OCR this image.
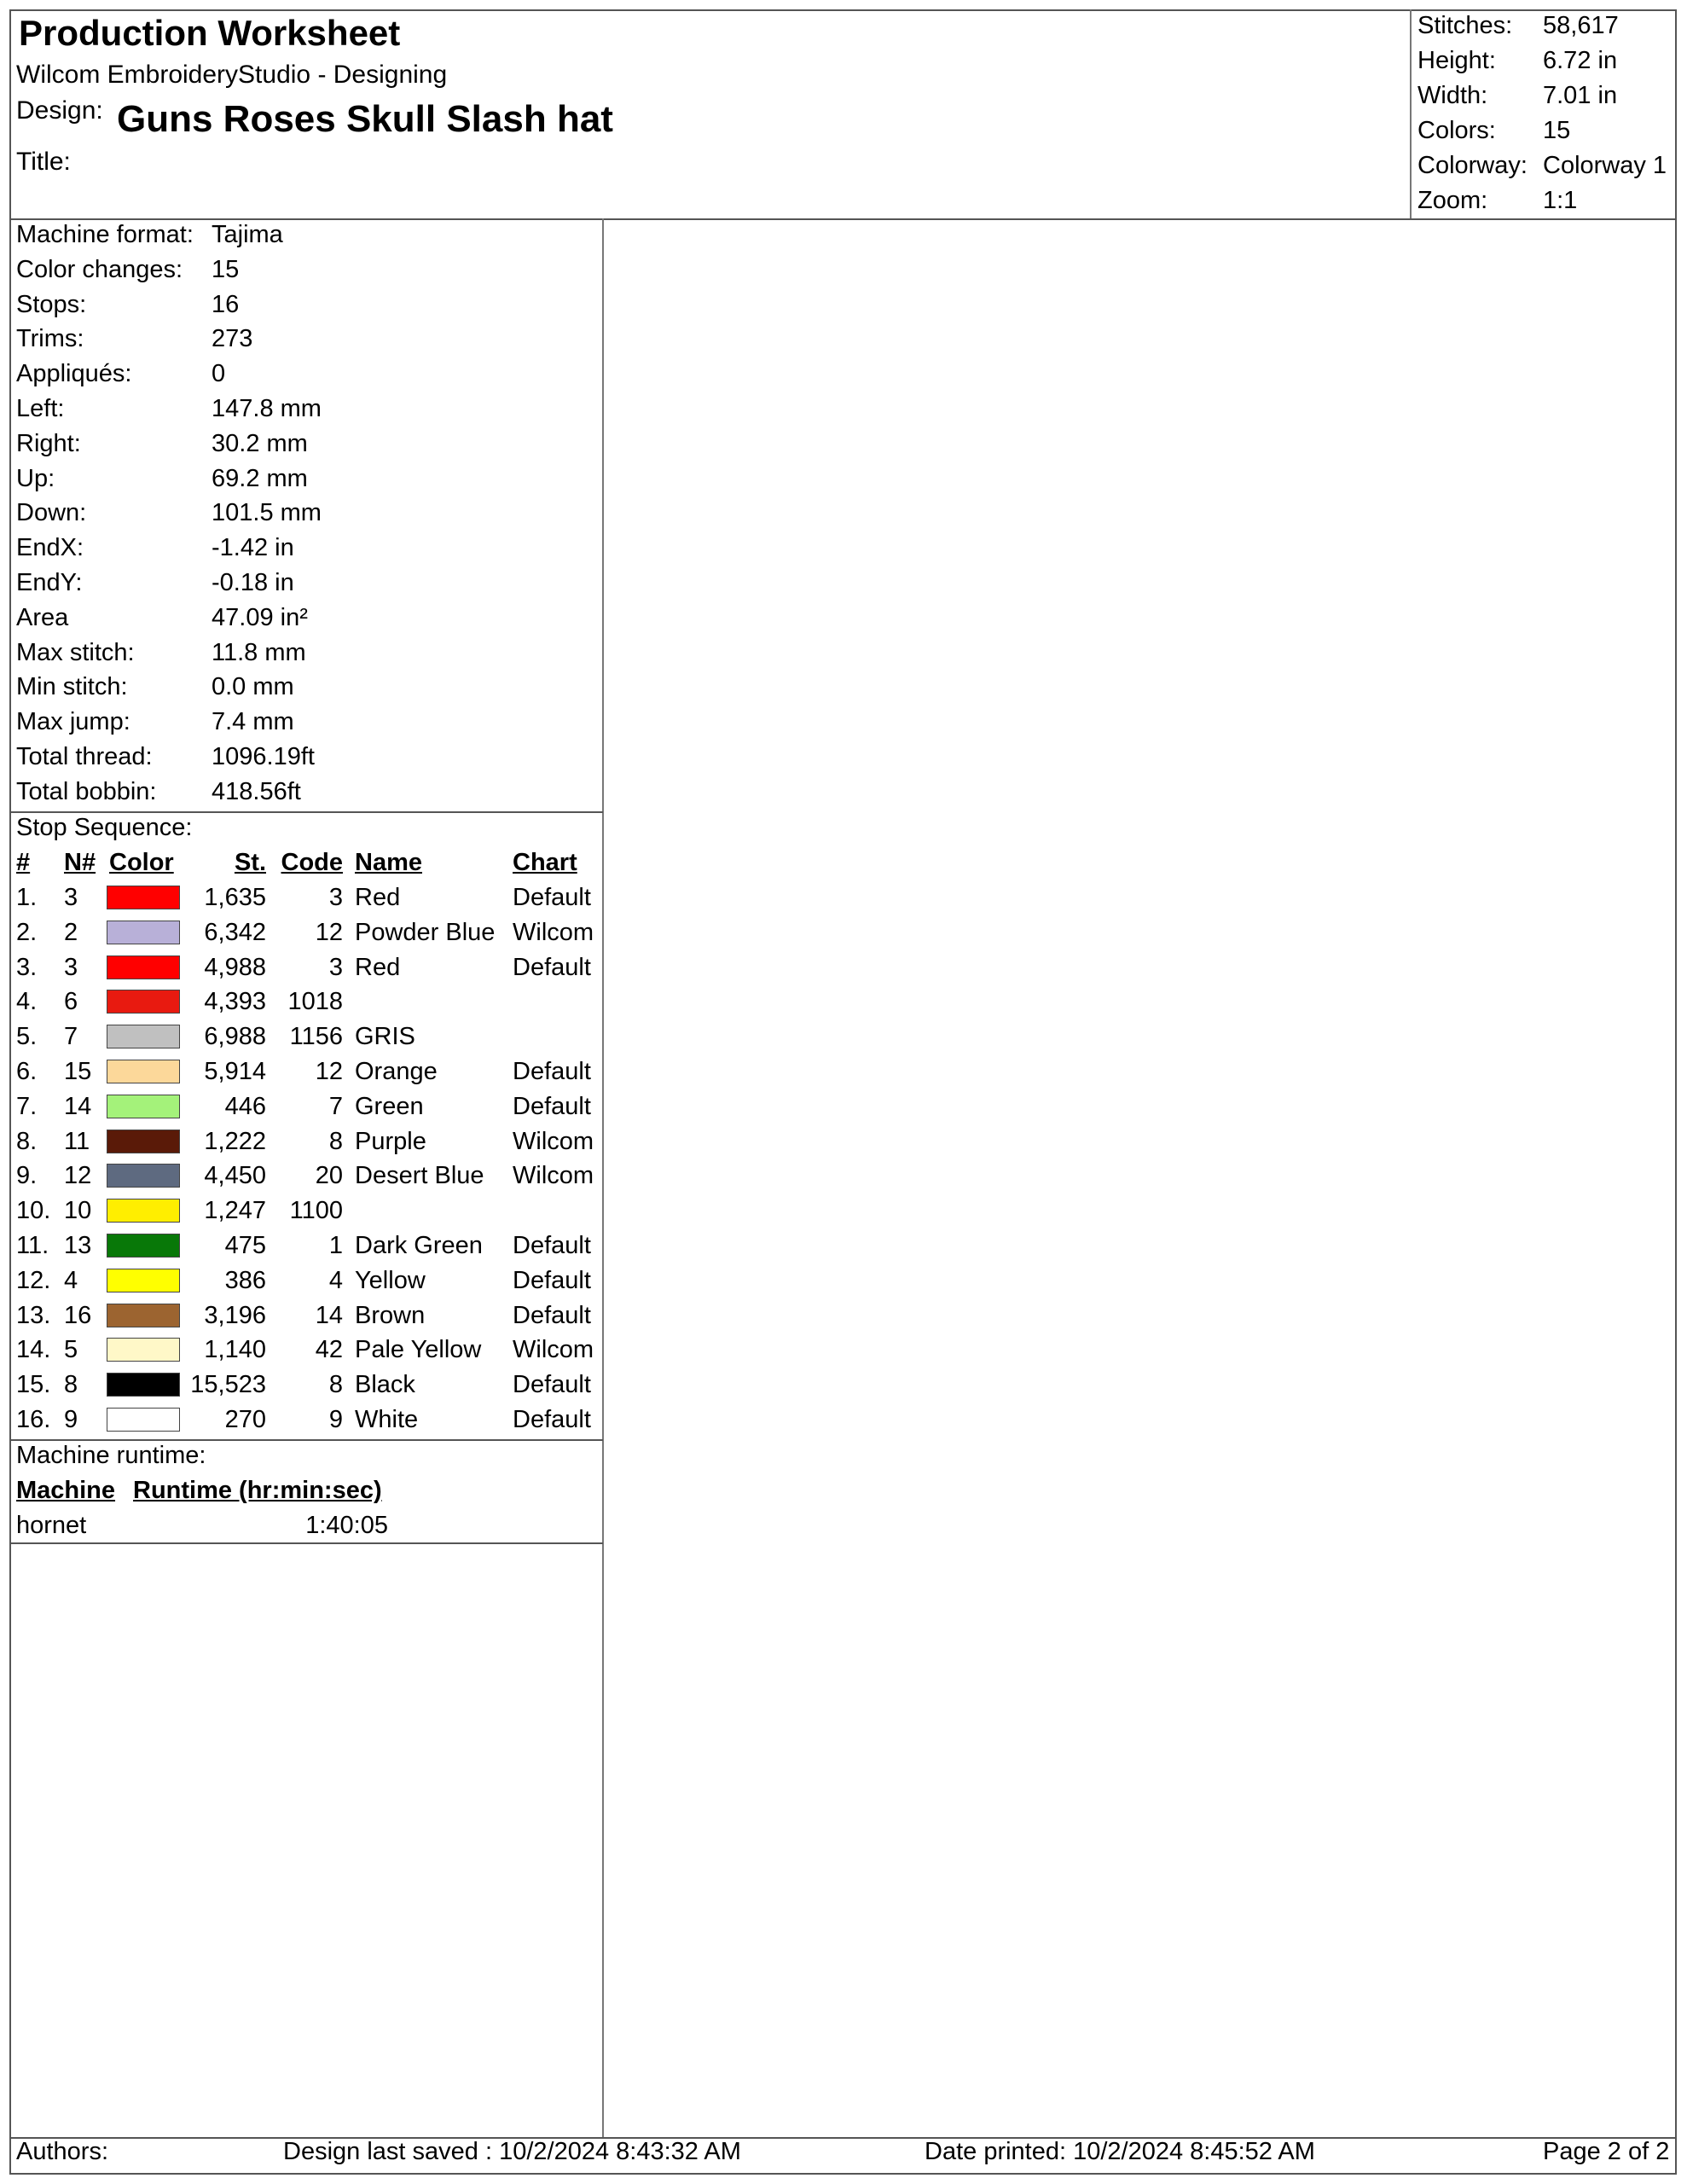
Production Worksheet
Wilcom EmbroideryStudio - Designing
Design: Guns Roses Skull Slash hat
Title:
Stitches: 58,617
Height: 6.72 in
Width: 7.01 in
Colors: 15
Colorway: Colorway 1
Zoom: 1:1
Machine format: Tajima
Color changes: 15
Stops:	16
Trims:	273
Appliqués:	0
Left:	147.8 mm
Right:	30.2 mm
Up:	69.2 mm
Down:	101.5 mm
EndX:	-1.42 in
EndY:	-0.18 in
Area	47.09 in²
Max stitch:	11.8 mm
Min stitch:	0.0 mm
Max jump:	7.4 mm
Total thread: 1096.19ft
Total bobbin: 418.56ft
Stop Sequence:
# N# Color	St. Code Name	Chart
1. 3	1,635	3 Red	Default
2. 2	6,342	12 Powder Blue Wilcom
3. 3	4,988	3 Red	Default
4. 6	4,393 1018
5. 7	6,988 1156 GRIS
6. 15	5,914	12 Orange	Default
7. 14	446	7 Green	Default
8. 11	1,222	8 Purple	Wilcom
9. 12	4,450	20 Desert Blue Wilcom
10. 10	1,247 1100
11. 13	475	1 Dark Green Default
12. 4	386	4 Yellow	Default
13. 16	3,196	14 Brown	Default
14. 5	1,140	42 Pale Yellow Wilcom
15. 8	15,523	8 Black	Default
16. 9	270	9 White	Default
Machine runtime:
Machine Runtime (hr:min:sec)
hornet	1:40:05
Authors:	Design last saved : 10/2/2024 8:43:32 AM	Date printed: 10/2/2024 8:45:52 AM	Page 2 of 2
